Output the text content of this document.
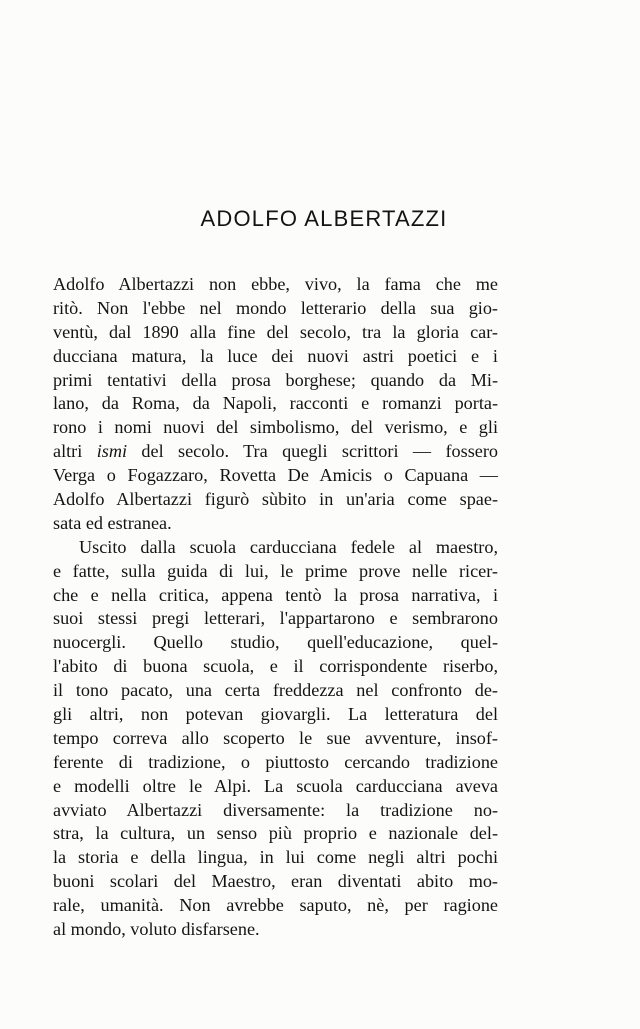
ADOLFO ALBERTAZZI
Adolfo Albertazzi non ebbe, vivo, la fama che me
ritò. Non l'ebbe nel mondo letterario della sua gio-
ventù, dal 1890 alla fine del secolo, tra la gloria car-
ducciana matura, la luce dei nuovi astri poetici e i
primi tentativi della prosa borghese; quando da Mi-
lano, da Roma, da Napoli, racconti e romanzi porta-
rono i nomi nuovi del simbolismo, del verismo, e gli
altri ismi del secolo. Tra quegli scrittori — fossero
Verga o Fogazzaro, Rovetta De Amicis o Capuana —
Adolfo Albertazzi figurò sùbito in un'aria come spae-
sata ed estranea.
Uscito dalla scuola carducciana fedele al maestro,
e fatte, sulla guida di lui, le prime prove nelle ricer-
che e nella critica, appena tentò la prosa narrativa, i
suoi stessi pregi letterari, l'appartarono e sembrarono
nuocergli. Quello studio, quell'educazione, quel-
l'abito di buona scuola, e il corrispondente riserbo,
il tono pacato, una certa freddezza nel confronto de-
gli altri, non potevan giovargli. La letteratura del
tempo correva allo scoperto le sue avventure, insof-
ferente di tradizione, o piuttosto cercando tradizione
e modelli oltre le Alpi. La scuola carducciana aveva
avviato Albertazzi diversamente: la tradizione no-
stra, la cultura, un senso più proprio e nazionale del-
la storia e della lingua, in lui come negli altri pochi
buoni scolari del Maestro, eran diventati abito mo-
rale, umanità. Non avrebbe saputo, nè, per ragione
al mondo, voluto disfarsene.
